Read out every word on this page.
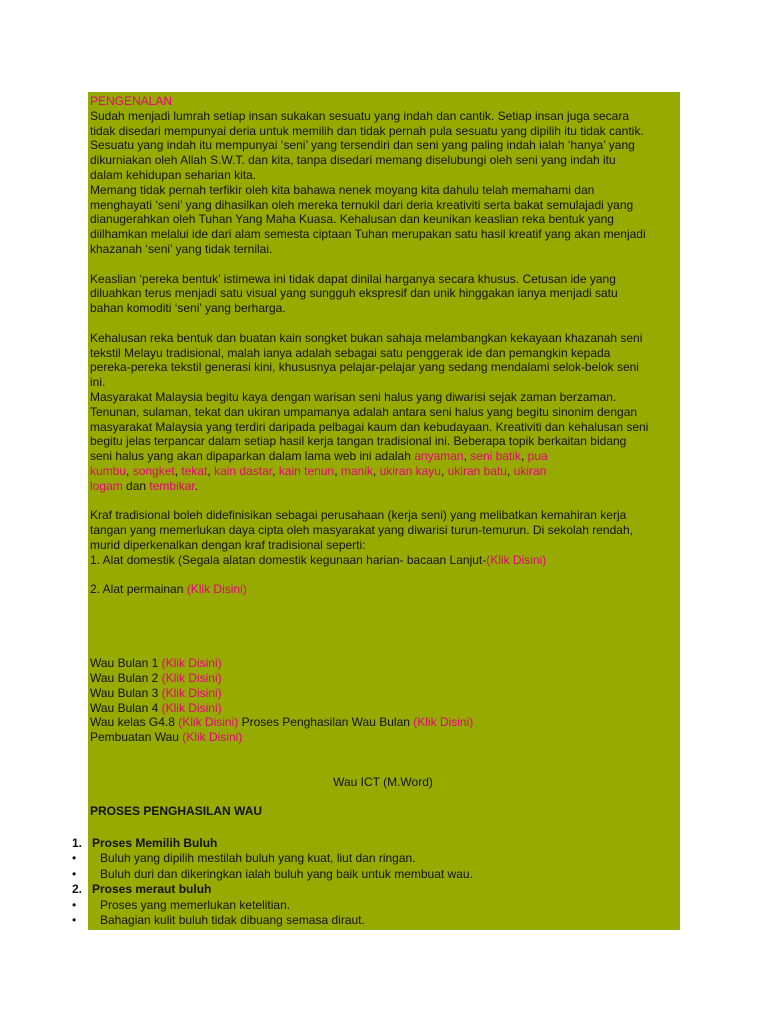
PENGENALAN

Sudah menjadi lumrah setiap insan sukakan sesuatu yang indah dan cantik. Setiap insan juga secara

tidak disedari mempunyai deria untuk memilih dan tidak pernah pula sesuatu yang dipilih itu tidak cantik.

Sesuatu yang indah itu mempunyai ‘seni’ yang tersendiri dan seni yang paling indah ialah ‘hanya’ yang

dikurniakan oleh Allah S.W.T. dan kita, tanpa disedari memang diselubungi oleh seni yang indah itu

dalam kehidupan seharian kita.

Memang tidak pernah terfikir oleh kita bahawa nenek moyang kita dahulu telah memahami dan

menghayati ‘seni’ yang dihasilkan oleh mereka ternukil dari deria kreativiti serta bakat semulajadi yang

dianugerahkan oleh Tuhan Yang Maha Kuasa. Kehalusan dan keunikan keaslian reka bentuk yang

diilhamkan melalui ide dari alam semesta ciptaan Tuhan merupakan satu hasil kreatif yang akan menjadi

khazanah ‘seni’ yang tidak ternilai.

Keaslian ‘pereka bentuk’ istimewa ini tidak dapat dinilai harganya secara khusus. Cetusan ide yang

diluahkan terus menjadi satu visual yang sungguh ekspresif dan unik hinggakan ianya menjadi satu

bahan komoditi ‘seni’ yang berharga.

Kehalusan reka bentuk dan buatan kain songket bukan sahaja melambangkan kekayaan khazanah seni

tekstil Melayu tradisional, malah ianya adalah sebagai satu penggerak ide dan pemangkin kepada

pereka-pereka tekstil generasi kini, khususnya pelajar-pelajar yang sedang mendalami selok-belok seni

ini.

Masyarakat Malaysia begitu kaya dengan warisan seni halus yang diwarisi sejak zaman berzaman.

Tenunan, sulaman, tekat dan ukiran umpamanya adalah antara seni halus yang begitu sinonim dengan

masyarakat Malaysia yang terdiri daripada pelbagai kaum dan kebudayaan. Kreativiti dan kehalusan seni

begitu jelas terpancar dalam setiap hasil kerja tangan tradisional ini. Beberapa topik berkaitan bidang

seni halus yang akan dipaparkan dalam lama web ini adalah anyaman, seni batik, pua

kumbu, songket, tekat, kain dastar, kain tenun, manik, ukiran kayu, ukiran batu, ukiran

logam dan tembikar.

Kraf tradisional boleh didefinisikan sebagai perusahaan (kerja seni) yang melibatkan kemahiran kerja

tangan yang memerlukan daya cipta oleh masyarakat yang diwarisi turun-temurun. Di sekolah rendah,

murid diperkenalkan dengan kraf tradisional seperti:

1. Alat domestik (Segala alatan domestik kegunaan harian- bacaan Lanjut-(Klik Disini)

2. Alat permainan (Klik Disini)

Wau Bulan 1 (Klik Disini)

Wau Bulan 2 (Klik Disini)

Wau Bulan 3 (Klik Disini)

Wau Bulan 4 (Klik Disini)

Wau kelas G4.8 (Klik Disini) Proses Penghasilan Wau Bulan (Klik Disini)

Pembuatan Wau (Klik Disini)

Wau ICT (M.Word)

PROSES PENGHASILAN WAU

1. Proses Memilih Buluh
•	Buluh yang dipilih mestilah buluh yang kuat, liut dan ringan.
•	Buluh duri dan dikeringkan ialah buluh yang baik untuk membuat wau.
2. Proses meraut buluh
•	Proses yang memerlukan ketelitian.
•	Bahagian kulit buluh tidak dibuang semasa diraut.
